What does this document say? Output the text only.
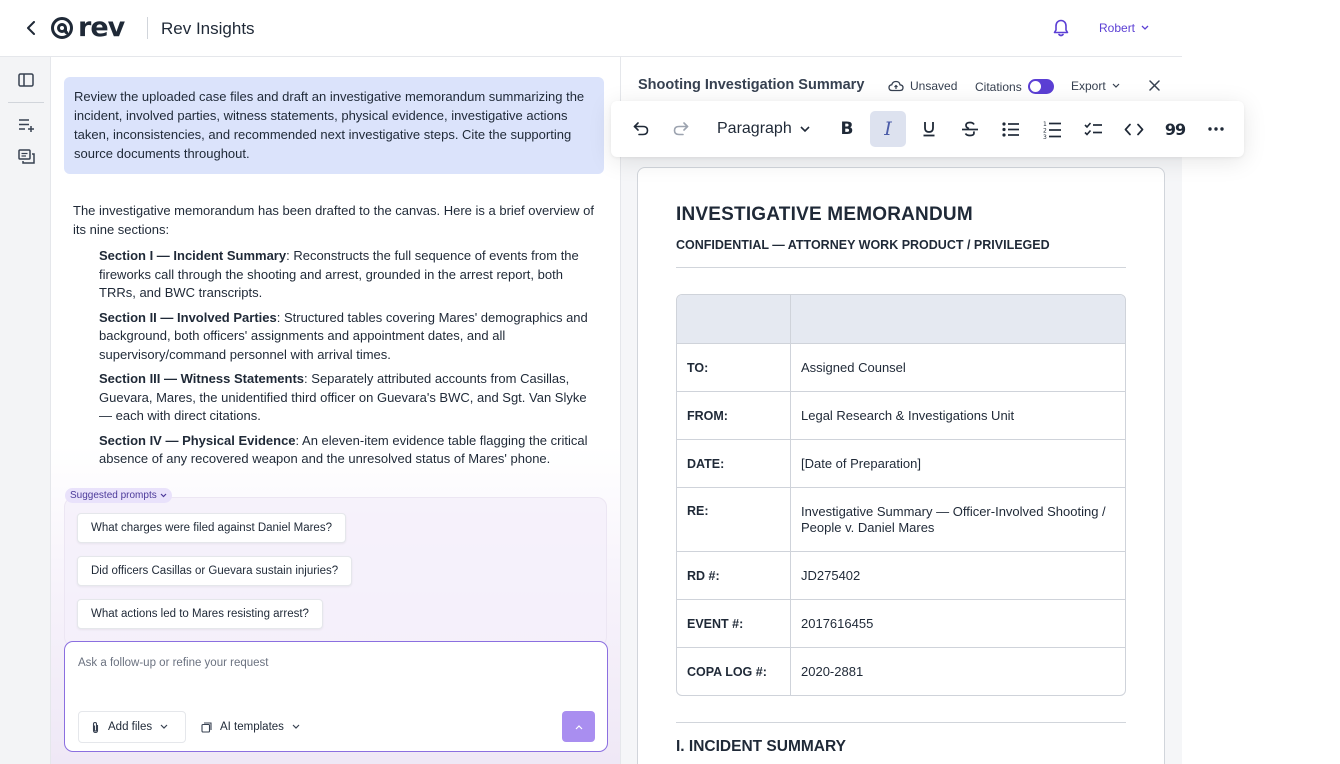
rev Rev Insights	Robert
Review the uploaded case files and draft an investigative memorandum summarizing the incident, involved parties, witness statements, physical evidence, investigative actions taken, inconsistencies, and recommended next investigative steps. Cite the supporting source documents throughout.
The investigative memorandum has been drafted to the canvas. Here is a brief overview of its nine sections:
Section I — Incident Summary: Reconstructs the full sequence of events from the fireworks call through the shooting and arrest, grounded in the arrest report, both TRRs, and BWC transcripts.
Section II — Involved Parties: Structured tables covering Mares' demographics and background, both officers' assignments and appointment dates, and all supervisory/command personnel with arrival times.
Section III — Witness Statements: Separately attributed accounts from Casillas, Guevara, Mares, the unidentified third officer on Guevara's BWC, and Sgt. Van Slyke — each with direct citations.
Section IV — Physical Evidence: An eleven-item evidence table flagging the critical absence of any recovered weapon and the unresolved status of Mares' phone.
Suggested prompts
What charges were filed against Daniel Mares?
Did officers Casillas or Guevara sustain injuries?
What actions led to Mares resisting arrest?
Ask a follow-up or refine your request
Add files	AI templates
Shooting Investigation Summary	Unsaved Citations	Export
INVESTIGATIVE MEMORANDUM
CONFIDENTIAL — ATTORNEY WORK PRODUCT / PRIVILEGED
TO:	Assigned Counsel
FROM:	Legal Research & Investigations Unit
DATE:	[Date of Preparation]
RE:	Investigative Summary — Officer-Involved Shooting / People v. Daniel Mares
RD #:	JD275402
EVENT #:	2017616455
COPA LOG #:	2020-2881
I. INCIDENT SUMMARY
Paragraph	B I	1
2
3	99
